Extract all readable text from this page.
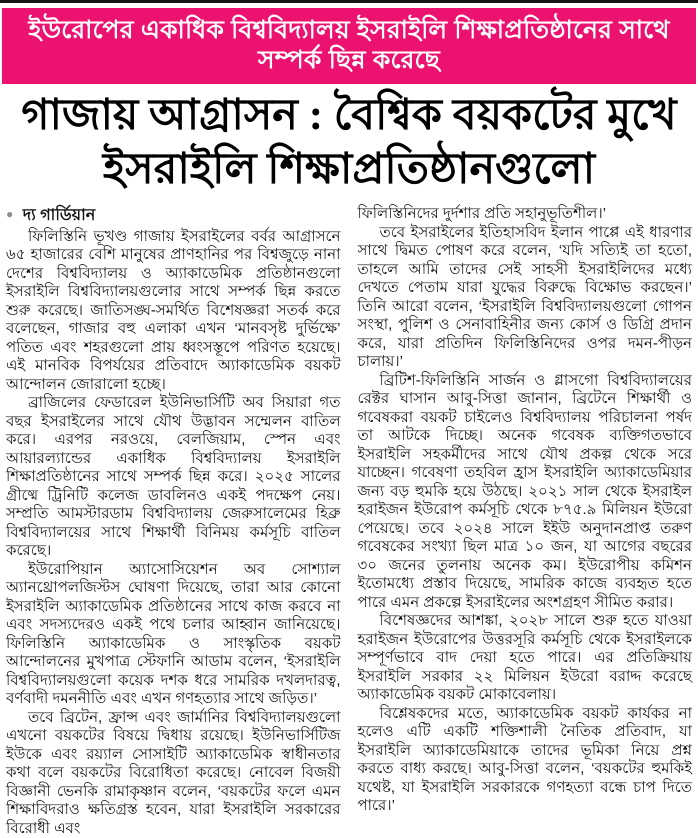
ইউরোপের একাধিক বিশ্ববিদ্যালয় ইসরাইলি শিক্ষাপ্রতিষ্ঠানের সাথে সম্পর্ক ছিন্ন করেছে
গাজায় আগ্রাসন : বৈশ্বিক বয়কটের মুখে
ইসরাইলি শিক্ষাপ্রতিষ্ঠানগুলো
● দ্য গার্ডিয়ান

ফিলিস্তিনি ভূখণ্ড গাজায় ইসরাইলের বর্বর আগ্রাসনে ৬৫ হাজারের বেশি মানুষের প্রাণহানির পর বিশ্বজুড়ে নানা দেশের বিশ্ববিদ্যালয় ও অ্যাকাডেমিক প্রতিষ্ঠানগুলো ইসরাইলি বিশ্ববিদ্যালয়গুলোর সাথে সম্পর্ক ছিন্ন করতে শুরু করেছে। জাতিসঙ্ঘ-সমর্থিত বিশেষজ্ঞরা সতর্ক করে বলেছেন, গাজার বহু এলাকা এখন ‘মানবসৃষ্ট দুর্ভিক্ষে’ পতিত এবং শহরগুলো প্রায় ধ্বংসস্তূপে পরিণত হয়েছে। এই মানবিক বিপর্যয়ের প্রতিবাদে অ্যাকাডেমিক বয়কট আন্দোলন জোরালো হচ্ছে।

ব্রাজিলের ফেডারেল ইউনিভার্সিটি অব সিয়ারা গত বছর ইসরাইলের সাথে যৌথ উদ্ভাবন সম্মেলন বাতিল করে। এরপর নরওয়ে, বেলজিয়াম, স্পেন এবং আয়ারল্যান্ডের একাধিক বিশ্ববিদ্যালয় ইসরাইলি শিক্ষাপ্রতিষ্ঠানের সাথে সম্পর্ক ছিন্ন করে। ২০২৫ সালের গ্রীষ্মে ট্রিনিটি কলেজ ডাবলিনও একই পদক্ষেপ নেয়। সম্প্রতি আমস্টারডাম বিশ্ববিদ্যালয় জেরুসালেমের হিব্রু বিশ্ববিদ্যালয়ের সাথে শিক্ষার্থী বিনিময় কর্মসূচি বাতিল করেছে।

ইউরোপিয়ান অ্যাসোসিয়েশন অব সোশ্যাল অ্যানথ্রোপলজিস্টস ঘোষণা দিয়েছে, তারা আর কোনো ইসরাইলি অ্যাকাডেমিক প্রতিষ্ঠানের সাথে কাজ করবে না এবং সদস্যদেরও একই পথে চলার আহ্বান জানিয়েছে। ফিলিস্তিনি অ্যাকাডেমিক ও সাংস্কৃতিক বয়কট আন্দোলনের মুখপাত্র স্টেফানি আডাম বলেন, ‘ইসরাইলি বিশ্ববিদ্যালয়গুলো কয়েক দশক ধরে সামরিক দখলদারত্ব, বর্ণবাদী দমননীতি এবং এখন গণহত্যার সাথে জড়িত।’

তবে ব্রিটেন, ফ্রান্স এবং জার্মানির বিশ্ববিদ্যালয়গুলো এখনো বয়কটের বিষয়ে দ্বিধায় রয়েছে। ইউনিভার্সিটিজ ইউকে এবং রয়্যাল সোসাইটি অ্যাকাডেমিক স্বাধীনতার কথা বলে বয়কটের বিরোধিতা করেছে। নোবেল বিজয়ী বিজ্ঞানী ভেনকি রামাকৃষ্ণান বলেন, ‘বয়কটের ফলে এমন শিক্ষাবিদরাও ক্ষতিগ্রস্ত হবেন, যারা ইসরাইলি সরকারের বিরোধী এবং

ফিলিস্তিনিদের দুর্দশার প্রতি সহানুভূতিশীল।’

তবে ইসরাইলের ইতিহাসবিদ ইলান পাপ্পে এই ধারণার সাথে দ্বিমত পোষণ করে বলেন, ‘যদি সত্যিই তা হতো, তাহলে আমি তাদের সেই সাহসী ইসরাইলিদের মধ্যে দেখতে পেতাম যারা যুদ্ধের বিরুদ্ধে বিক্ষোভ করছেন।’ তিনি আরো বলেন, ‘ইসরাইলি বিশ্ববিদ্যালয়গুলো গোপন সংস্থা, পুলিশ ও সেনাবাহিনীর জন্য কোর্স ও ডিগ্রি প্রদান করে, যারা প্রতিদিন ফিলিস্তিনিদের ওপর দমন-পীড়ন চালায়।’

ব্রিটিশ-ফিলিস্তিনি সার্জন ও গ্লাসগো বিশ্ববিদ্যালয়ের রেক্টর ঘাসান আবু-সিত্তা জানান, ব্রিটেনে শিক্ষার্থী ও গবেষকরা বয়কট চাইলেও বিশ্ববিদ্যালয় পরিচালনা পর্ষদ তা আটকে দিচ্ছে। অনেক গবেষক ব্যক্তিগতভাবে ইসরাইলি সহকর্মীদের সাথে যৌথ প্রকল্প থেকে সরে যাচ্ছেন। গবেষণা তহবিল হ্রাস ইসরাইলি অ্যাকাডেমিয়ার জন্য বড় হুমকি হয়ে উঠছে। ২০২১ সাল থেকে ইসরাইল হরাইজন ইউরোপ কর্মসূচি থেকে ৮৭৫.৯ মিলিয়ন ইউরো পেয়েছে। তবে ২০২৪ সালে ইইউ অনুদানপ্রাপ্ত তরুণ গবেষকের সংখ্যা ছিল মাত্র ১০ জন, যা আগের বছরের ৩০ জনের তুলনায় অনেক কম। ইউরোপীয় কমিশন ইতোমধ্যে প্রস্তাব দিয়েছে, সামরিক কাজে ব্যবহৃত হতে পারে এমন প্রকল্পে ইসরাইলের অংশগ্রহণ সীমিত করার।

বিশেষজ্ঞদের আশঙ্কা, ২০২৮ সালে শুরু হতে যাওয়া হরাইজন ইউরোপের উত্তরসূরি কর্মসূচি থেকে ইসরাইলকে সম্পূর্ণভাবে বাদ দেয়া হতে পারে। এর প্রতিক্রিয়ায় ইসরাইলি সরকার ২২ মিলিয়ন ইউরো বরাদ্দ করেছে অ্যাকাডেমিক বয়কট মোকাবেলায়।

বিশ্লেষকদের মতে, অ্যাকাডেমিক বয়কট কার্যকর না হলেও এটি একটি শক্তিশালী নৈতিক প্রতিবাদ, যা ইসরাইলি অ্যাকাডেমিয়াকে তাদের ভূমিকা নিয়ে প্রশ্ন করতে বাধ্য করছে। আবু-সিত্তা বলেন, ‘বয়কটের হুমকিই যথেষ্ট, যা ইসরাইলি সরকারকে গণহত্যা বন্ধে চাপ দিতে পারে।’
